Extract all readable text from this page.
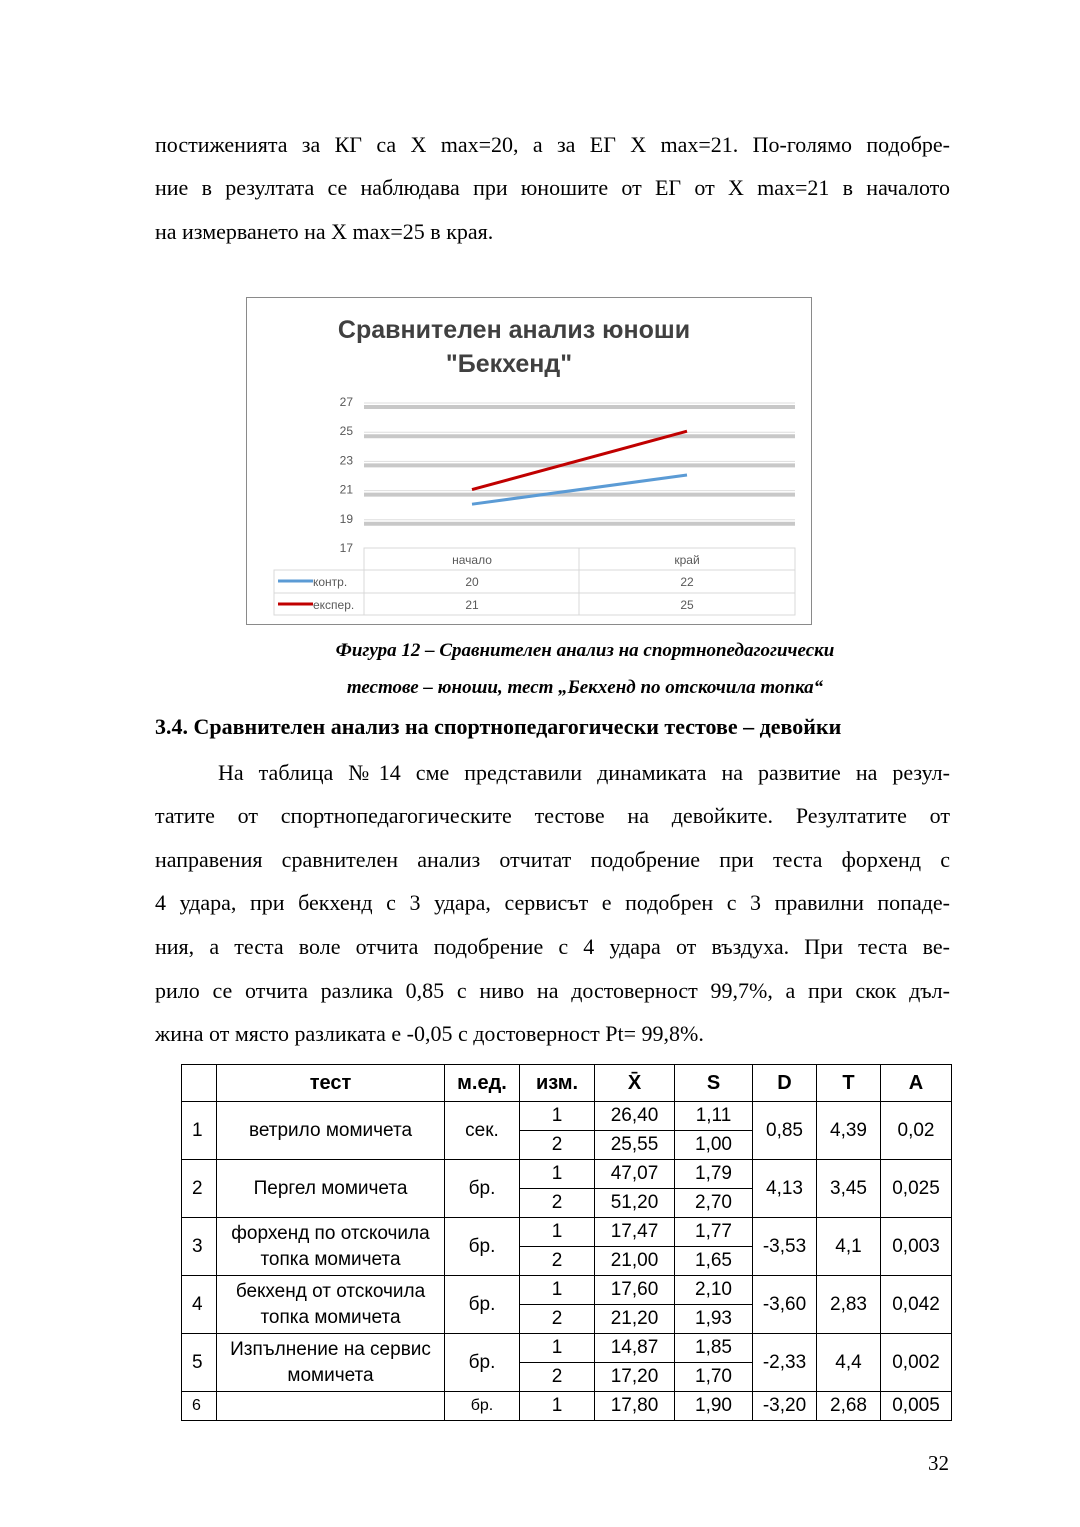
Сравнителен анализ юноши
"Бекхенд"
17
19
21
23
25
27
начало	край
контр.	20	22
експер.	21	25
Фигура 12 – Сравнителен анализ на спортнопедагогически
тестове – юноши, тест „Бекхенд по отскочила топка“
3.4. Сравнителен анализ на спортнопедагогически тестове – девойки
	тест	м.ед.	изм.	X̄	S	D	T	A
1	ветрило момичета	сек.	1	26,40	1,11	0,85	4,39	0,02
			2	25,55	1,00			
2	Пергел момичета	бр.	1	47,07	1,79	4,13	3,45	0,025
			2	51,20	2,70			
3	форхенд по отскочила топка момичета	бр.	1	17,47	1,77	-3,53	4,1	0,003
			2	21,00	1,65			
4	бекхенд от отскочила топка момичета	бр.	1	17,60	2,10	-3,60	2,83	0,042
			2	21,20	1,93			
5	Изпълнение на сервис момичета	бр.	1	14,87	1,85	-2,33	4,4	0,002
			2	17,20	1,70			
6		бр.	1	17,80	1,90	-3,20	2,68	0,005
32
постиженията за КГ са X max=20, а за ЕГ X max=21. По-голямо подобре-
ние в резултата се наблюдава при юношите от ЕГ от X max=21 в началото
на измерването на X max=25 в края.
На таблица №14 сме представили динамиката на развитие на резул-
татите от спортнопедагогическите тестове на девойките. Резултатите от
направения сравнителен анализ отчитат подобрение при теста форхенд с
4 удара, при бекхенд с 3 удара, сервисът е подобрен с 3 правилни попаде-
ния, а теста воле отчита подобрение с 4 удара от въздуха. При теста ве-
рило се отчита разлика 0,85 с ниво на достоверност 99,7%, а при скок дъл-
жина от място разликата е -0,05 с достоверност Pt= 99,8%.
